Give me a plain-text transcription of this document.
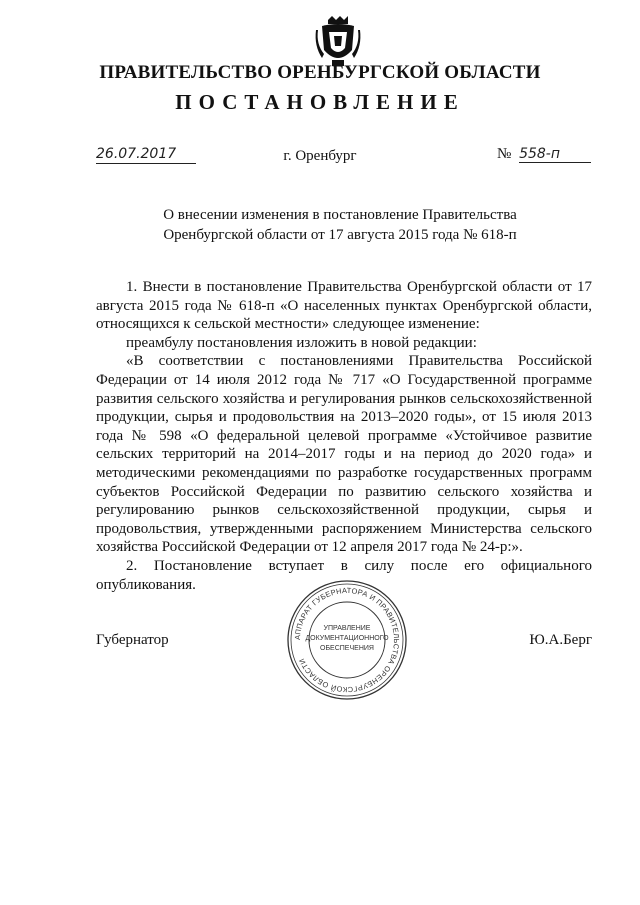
ПРАВИТЕЛЬСТВО ОРЕНБУРГСКОЙ ОБЛАСТИ
ПОСТАНОВЛЕНИЕ
26.07.2017	г. Оренбург	№ 558-п
О внесении изменения в постановление Правительства Оренбургской области от 17 августа 2015 года № 618-п

1. Внести в постановление Правительства Оренбургской области от 17 августа 2015 года № 618-п «О населенных пунктах Оренбургской области, относящихся к сельской местности» следующее изменение:

преамбулу постановления изложить в новой редакции:

«В соответствии с постановлениями Правительства Российской Федерации от 14 июля 2012 года № 717 «О Государственной программе развития сельского хозяйства и регулирования рынков сельскохозяйственной продукции, сырья и продовольствия на 2013–2020 годы», от 15 июля 2013 года № 598 «О федеральной целевой программе «Устойчивое развитие сельских территорий на 2014–2017 годы и на период до 2020 года» и методическими рекомендациями по разработке государственных программ субъектов Российской Федерации по развитию сельского хозяйства и регулированию рынков сельскохозяйственной продукции, сырья и продовольствия, утвержденными распоряжением Министерства сельского хозяйства Российской Федерации от 12 апреля 2017 года № 24-р:».

2. Постановление вступает в силу после его официального опубликования.

Губернатор	Ю.А.Берг
АППАРАТ ГУБЕРНАТОРА И ПРАВИТЕЛЬСТВА ОРЕНБУРГСКОЙ ОБЛАСТИ
УПРАВЛЕНИЕ
ДОКУМЕНТАЦИОННОГО
ОБЕСПЕЧЕНИЯ
